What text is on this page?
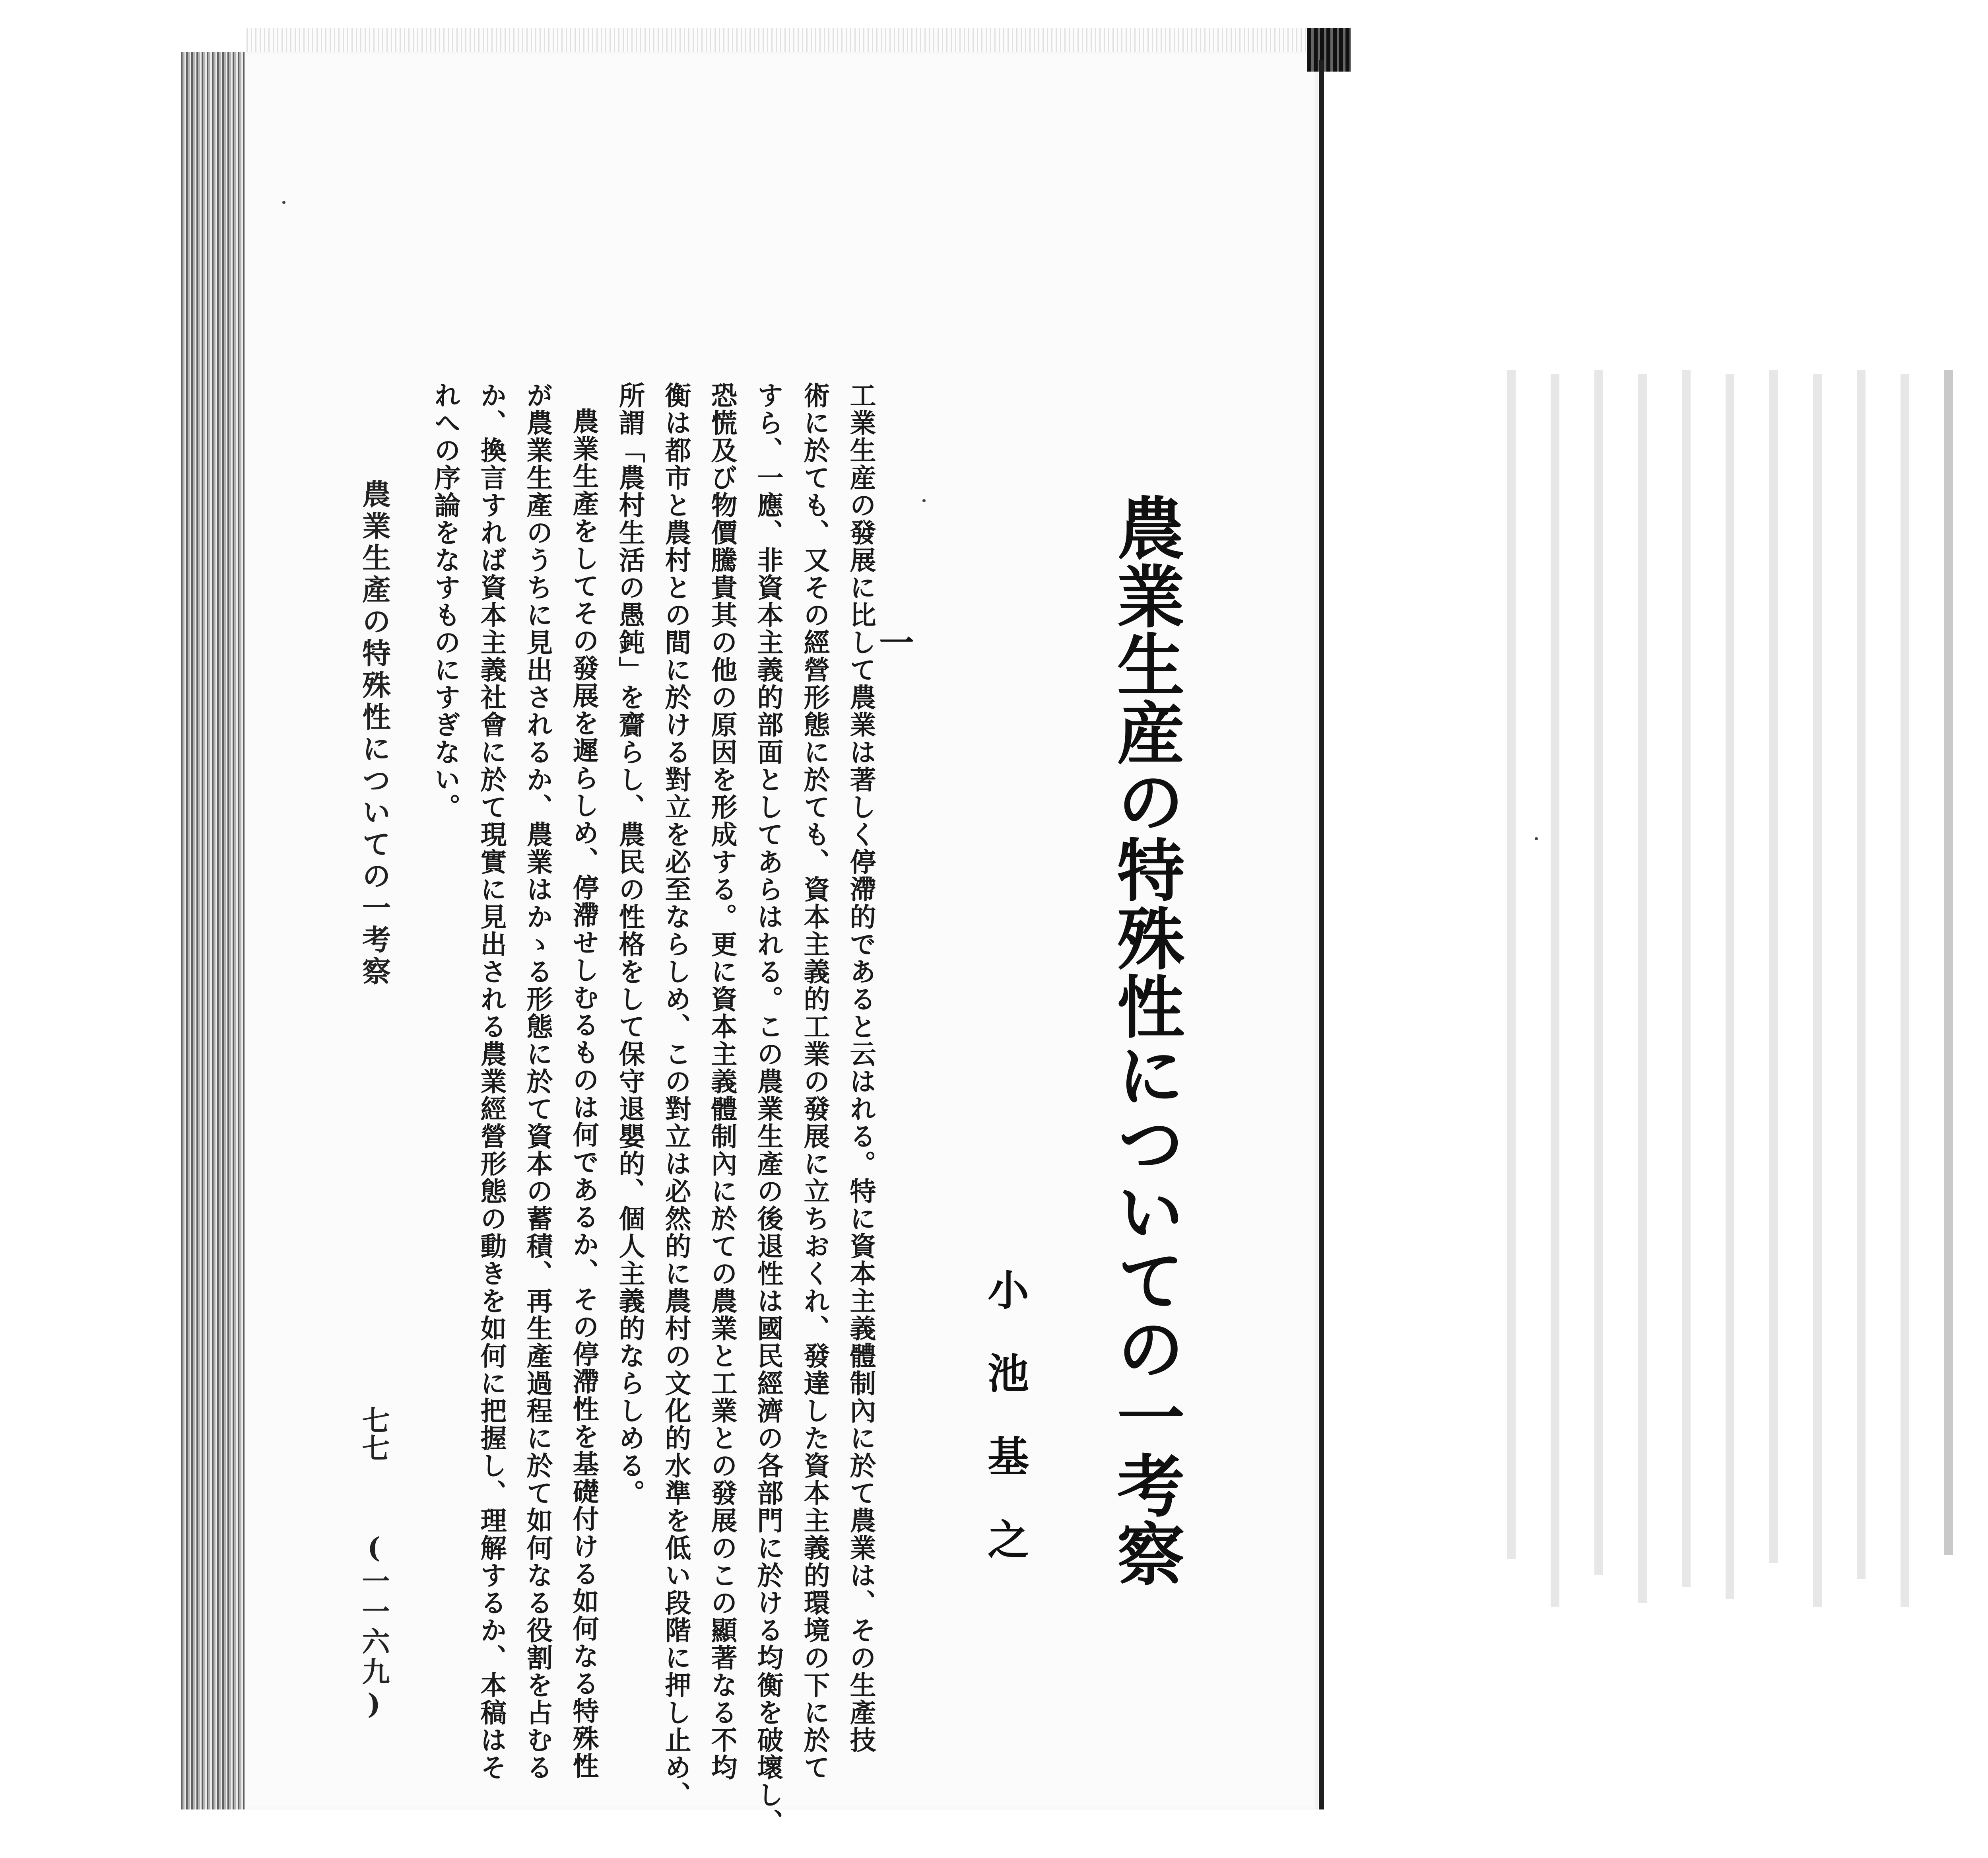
農業生産の特殊性についての一考察
小池基之
一
工業生産の發展に比して農業は著しく停滯的であると云はれる。特に資本主義體制內に於て農業は、その生產技
術に於ても、又その經營形態に於ても、資本主義的工業の發展に立ちおくれ、發達した資本主義的環境の下に於て
すら、一應、非資本主義的部面としてあらはれる。この農業生產の後退性は國民經濟の各部門に於ける均衡を破壞し、
恐慌及び物價騰貴其の他の原因を形成する。更に資本主義體制內に於ての農業と工業との發展のこの顯著なる不均
衡は都市と農村との間に於ける對立を必至ならしめ、この對立は必然的に農村の文化的水準を低い段階に押し止め、
所謂「農村生活の愚鈍」を齎らし、農民の性格をして保守退嬰的、個人主義的ならしめる。
農業生產をしてその發展を遲らしめ、停滯せしむるものは何であるか、その停滯性を基礎付ける如何なる特殊性
が農業生產のうちに見出されるか、農業はかゝる形態に於て資本の蓄積、再生產過程に於て如何なる役割を占むる
か、換言すれば資本主義社會に於て現實に見出される農業經營形態の動きを如何に把握し、理解するか、本稿はそ
れへの序論をなすものにすぎない。
農業生產の特殊性についての一考察
七七
(一一六九)
